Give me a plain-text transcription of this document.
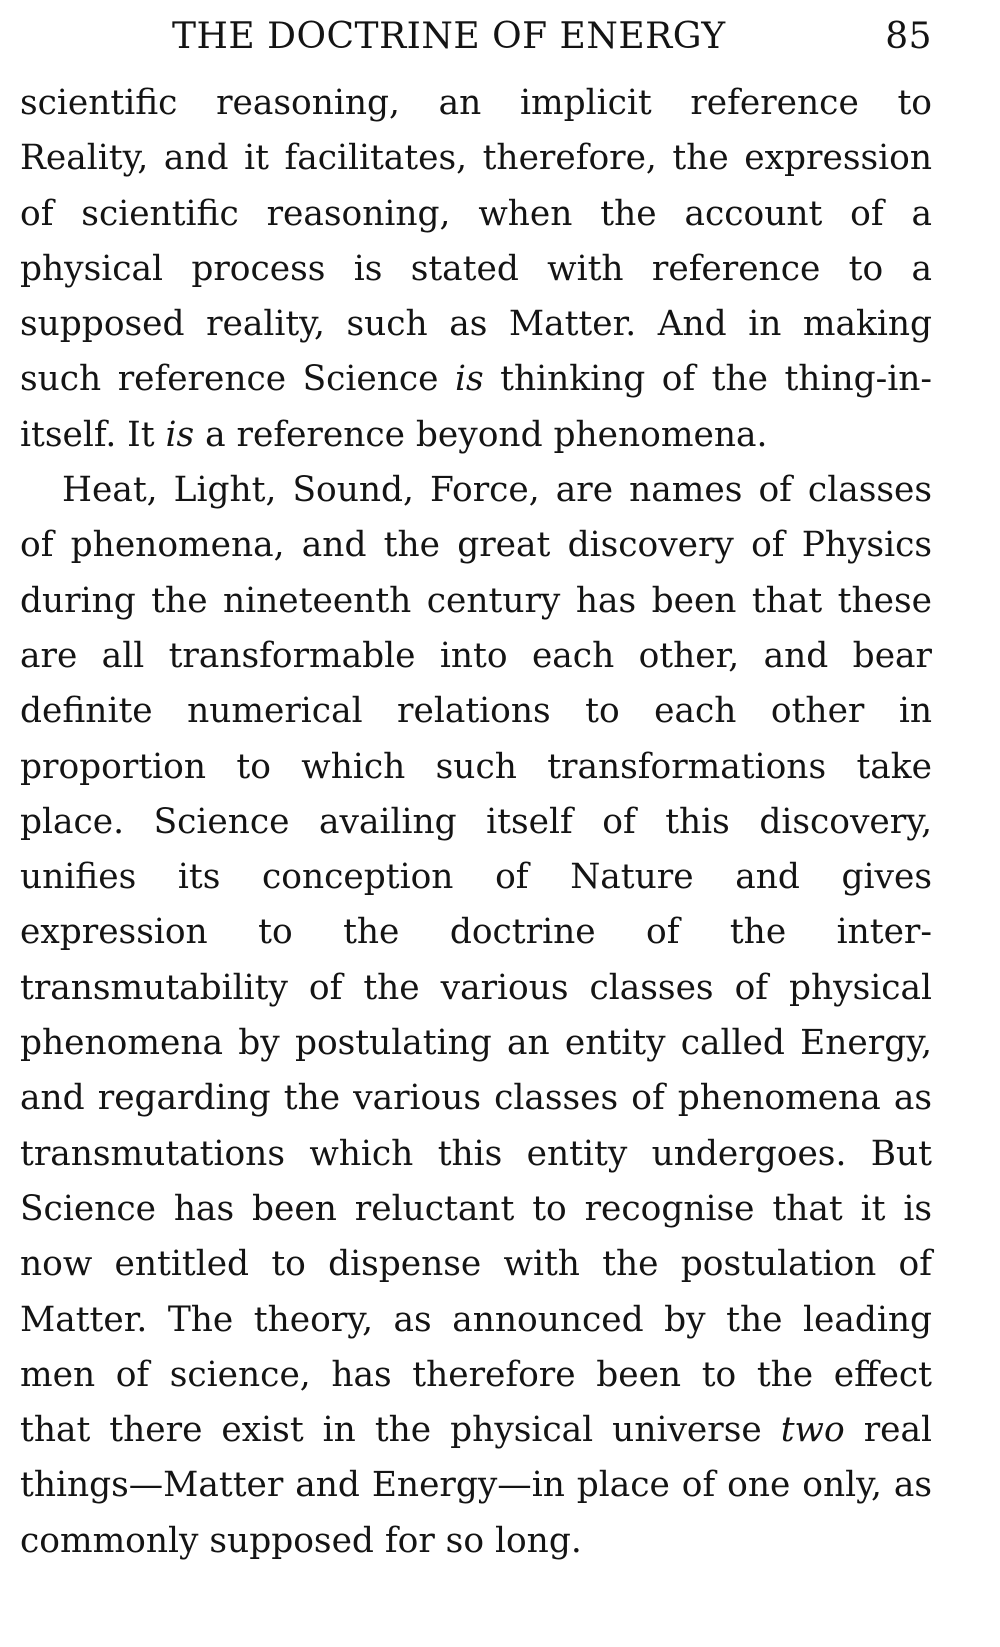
THE DOCTRINE OF ENERGY	85

scientific reasoning, an implicit reference to Reality, and it facilitates, therefore, the expression of scientific reasoning, when the account of a physical process is stated with reference to a supposed reality, such as Matter. And in making such reference Science is thinking of the thing-in-itself. It is a reference beyond phenomena.

Heat, Light, Sound, Force, are names of classes of phenomena, and the great discovery of Physics during the nineteenth century has been that these are all transformable into each other, and bear definite numerical relations to each other in proportion to which such transformations take place. Science availing itself of this discovery, unifies its conception of Nature and gives expression to the doctrine of the inter-transmutability of the various classes of physical phenomena by postulating an entity called Energy, and regarding the various classes of phenomena as transmutations which this entity undergoes. But Science has been reluctant to recognise that it is now entitled to dispense with the postulation of Matter. The theory, as announced by the leading men of science, has therefore been to the effect that there exist in the physical universe two real things—Matter and Energy—in place of one only, as commonly supposed for so long.
